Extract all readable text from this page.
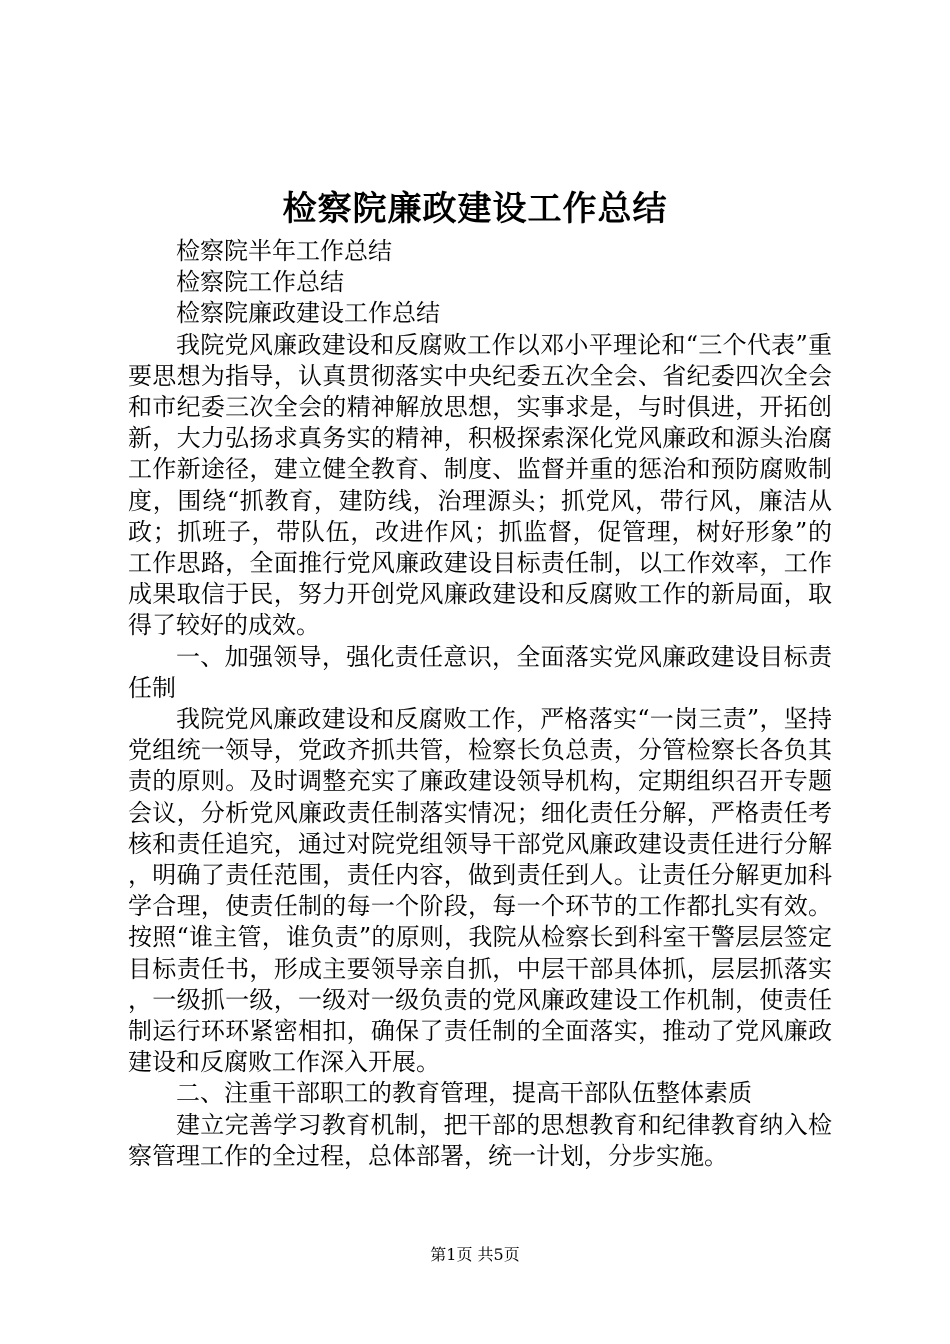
检察院廉政建设工作总结

检察院半年工作总结

检察院工作总结

检察院廉政建设工作总结

我院党风廉政建设和反腐败工作以邓小平理论和“三个代表”重要思想为指导，认真贯彻落实中央纪委五次全会、省纪委四次全会和市纪委三次全会的精神解放思想，实事求是，与时俱进，开拓创新，大力弘扬求真务实的精神，积极探索深化党风廉政和源头治腐工作新途径，建立健全教育、制度、监督并重的惩治和预防腐败制度，围绕“抓教育，建防线，治理源头；抓党风，带行风，廉洁从政；抓班子，带队伍，改进作风；抓监督，促管理，树好形象”的工作思路，全面推行党风廉政建设目标责任制，以工作效率，工作成果取信于民，努力开创党风廉政建设和反腐败工作的新局面，取得了较好的成效。

一、加强领导，强化责任意识，全面落实党风廉政建设目标责任制

我院党风廉政建设和反腐败工作，严格落实“一岗三责”，坚持党组统一领导，党政齐抓共管，检察长负总责，分管检察长各负其责的原则。及时调整充实了廉政建设领导机构，定期组织召开专题会议，分析党风廉政责任制落实情况；细化责任分解，严格责任考核和责任追究，通过对院党组领导干部党风廉政建设责任进行分解，明确了责任范围，责任内容，做到责任到人。让责任分解更加科学合理，使责任制的每一个阶段，每一个环节的工作都扎实有效。按照“谁主管，谁负责”的原则，我院从检察长到科室干警层层签定目标责任书，形成主要领导亲自抓，中层干部具体抓，层层抓落实，一级抓一级，一级对一级负责的党风廉政建设工作机制，使责任制运行环环紧密相扣，确保了责任制的全面落实，推动了党风廉政建设和反腐败工作深入开展。

二、注重干部职工的教育管理，提高干部队伍整体素质

建立完善学习教育机制，把干部的思想教育和纪律教育纳入检察管理工作的全过程，总体部署，统一计划，分步实施。

第1页 共5页
